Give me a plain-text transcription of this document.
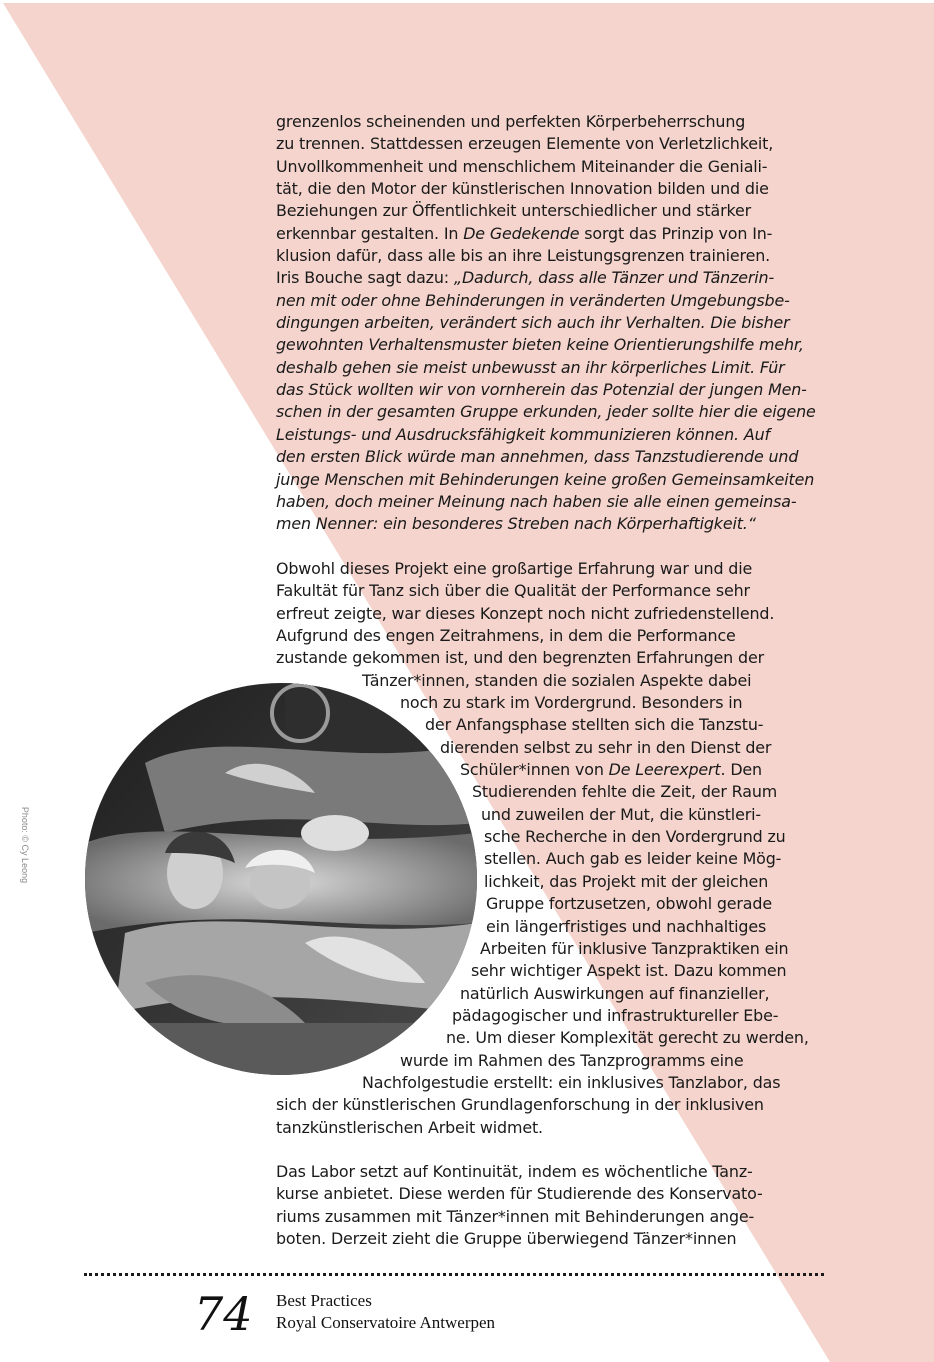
grenzenlos scheinenden und perfekten Körperbeherrschung
zu trennen. Stattdessen erzeugen Elemente von Verletzlichkeit,
Unvollkommenheit und menschlichem Miteinander die Geniali-
tät, die den Motor der künstlerischen Innovation bilden und die
Beziehungen zur Öffentlichkeit unterschiedlicher und stärker
erkennbar gestalten. In De Gedekende sorgt das Prinzip von In-
klusion dafür, dass alle bis an ihre Leistungsgrenzen trainieren.
Iris Bouche sagt dazu: „Dadurch, dass alle Tänzer und Tänzerin-
nen mit oder ohne Behinderungen in veränderten Umgebungsbe-
dingungen arbeiten, verändert sich auch ihr Verhalten. Die bisher
gewohnten Verhaltensmuster bieten keine Orientierungshilfe mehr,
deshalb gehen sie meist unbewusst an ihr körperliches Limit. Für
das Stück wollten wir von vornherein das Potenzial der jungen Men-
schen in der gesamten Gruppe erkunden, jeder sollte hier die eigene
Leistungs- und Ausdrucksfähigkeit kommunizieren können. Auf
den ersten Blick würde man annehmen, dass Tanzstudierende und
junge Menschen mit Behinderungen keine großen Gemeinsamkeiten
haben, doch meiner Meinung nach haben sie alle einen gemeinsa-
men Nenner: ein besonderes Streben nach Körperhaftigkeit.“
Obwohl dieses Projekt eine großartige Erfahrung war und die
Fakultät für Tanz sich über die Qualität der Performance sehr
erfreut zeigte, war dieses Konzept noch nicht zufriedenstellend.
Aufgrund des engen Zeitrahmens, in dem die Performance
zustande gekommen ist, und den begrenzten Erfahrungen der
Tänzer*innen, standen die sozialen Aspekte dabei
noch zu stark im Vordergrund. Besonders in
der Anfangsphase stellten sich die Tanzstu-
dierenden selbst zu sehr in den Dienst der
Schüler*innen von De Leerexpert. Den
Studierenden fehlte die Zeit, der Raum
und zuweilen der Mut, die künstleri-
sche Recherche in den Vordergrund zu
stellen. Auch gab es leider keine Mög-
lichkeit, das Projekt mit der gleichen
Gruppe fortzusetzen, obwohl gerade
ein längerfristiges und nachhaltiges
Arbeiten für inklusive Tanzpraktiken ein
sehr wichtiger Aspekt ist. Dazu kommen
natürlich Auswirkungen auf finanzieller,
pädagogischer und infrastruktureller Ebe-
ne. Um dieser Komplexität gerecht zu werden,
wurde im Rahmen des Tanzprogramms eine
Nachfolgestudie erstellt: ein inklusives Tanzlabor, das
sich der künstlerischen Grundlagenforschung in der inklusiven
tanzkünstlerischen Arbeit widmet.
Das Labor setzt auf Kontinuität, indem es wöchentliche Tanz-
kurse anbietet. Diese werden für Studierende des Konservato-
riums zusammen mit Tänzer*innen mit Behinderungen ange-
boten. Derzeit zieht die Gruppe überwiegend Tänzer*innen
Photo: © Cy Leong
74 Best Practices
Royal Conservatoire Antwerpen
